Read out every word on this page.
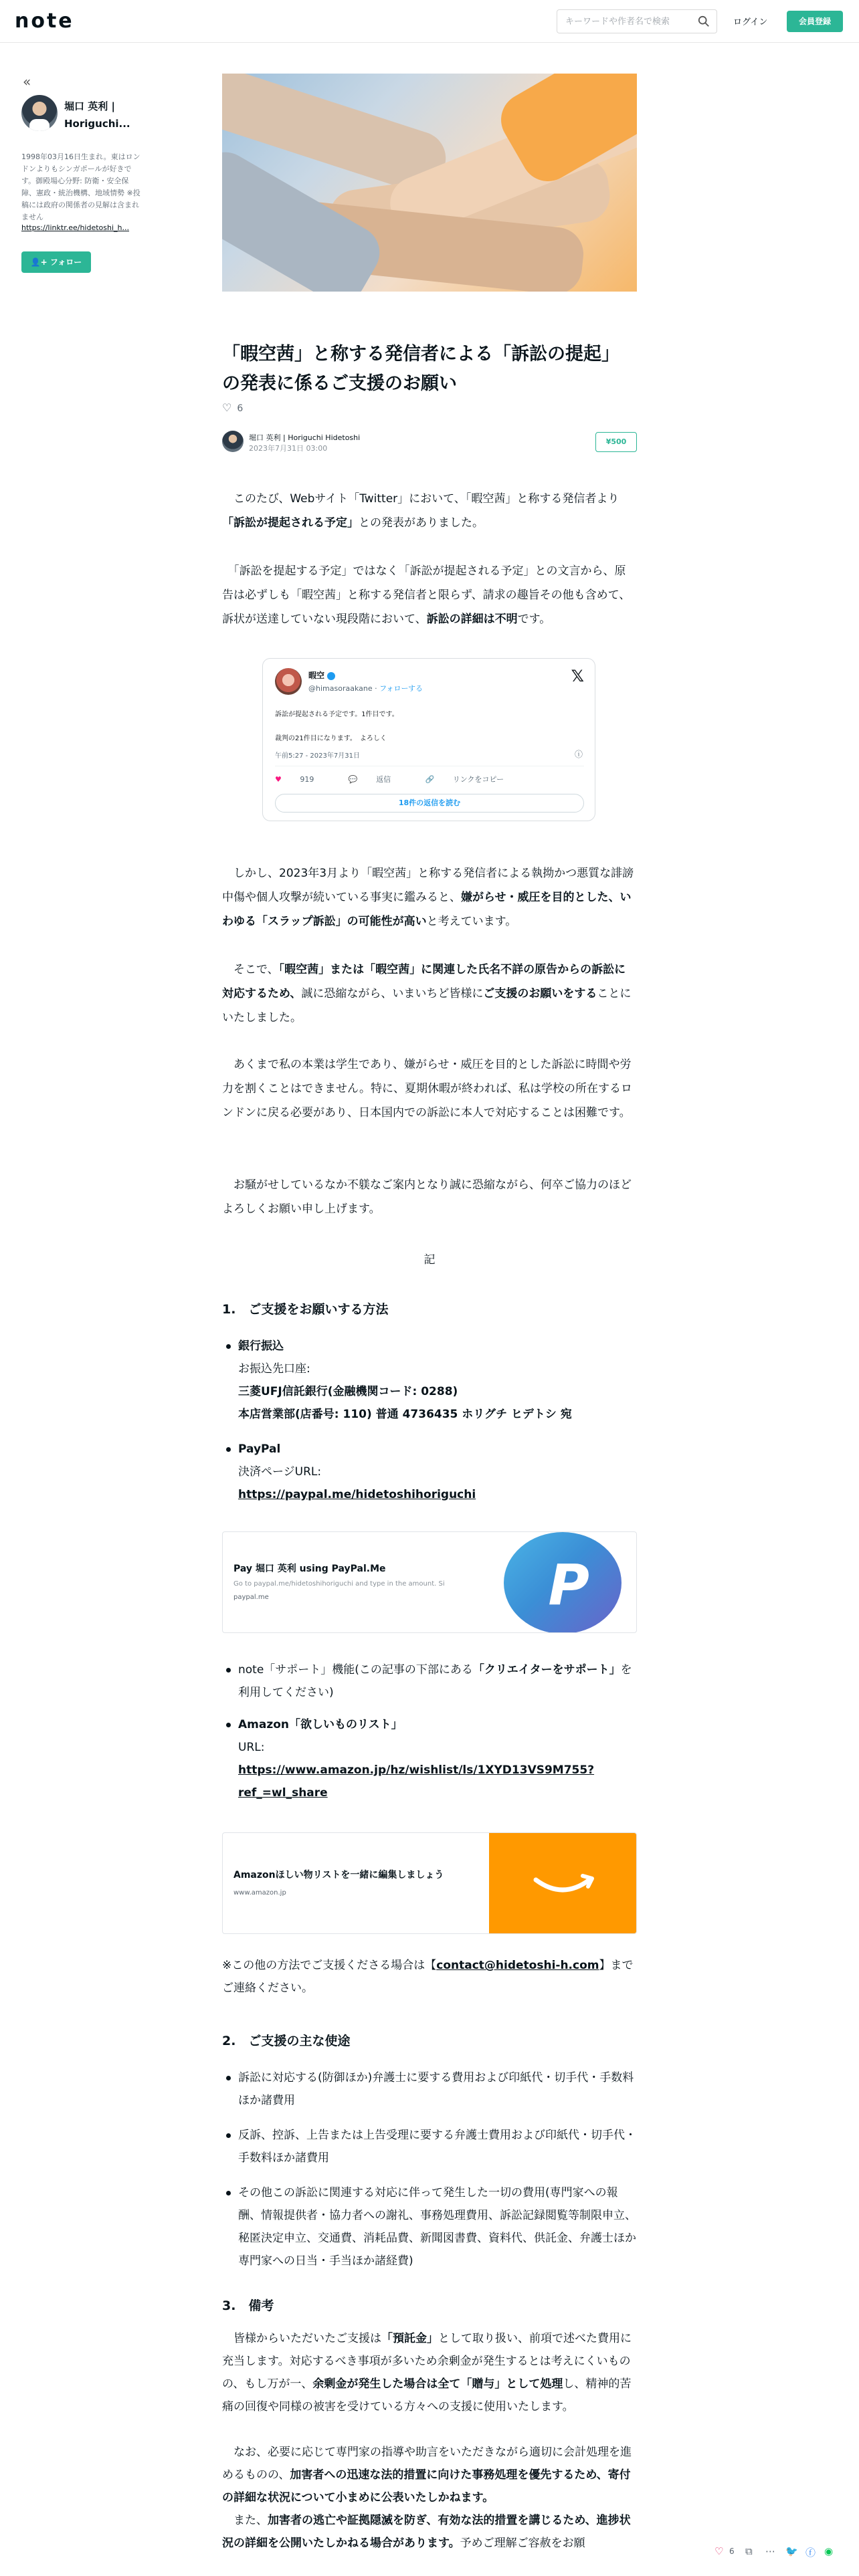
note
キーワードや作者名で検索	ログイン	会員登録
«
堀口 英利 | Horiguchi...
1998年03月16日生まれ。東はロンドンよりもシンガポールが好きです。御殿場心分野: 防衛・安全保障、憲政・統治機構、地域情勢 ※投稿には政府の関係者の見解は含まれません
https://linktr.ee/hidetoshi_h...
👤+ フォロー
「暇空茜」と称する発信者による「訴訟の提起」の発表に係るご支援のお願い
♡ 6
堀口 英利 | Horiguchi Hidetoshi
2023年7月31日 03:00
¥500
　このたび、Webサイト「Twitter」において、「暇空茜」と称する発信者より「訴訟が提起される予定」との発表がありました。
　「訴訟を提起する予定」ではなく「訴訟が提起される予定」との文言から、原告は必ずしも「暇空茜」と称する発信者と限らず、請求の趣旨その他も含めて、訴状が送達していない現段階において、訴訟の詳細は不明です。
暇空
@himasoraakane · フォローする
𝕏
訴訟が提起される予定です。1件目です。
裁判の21件目になります。　よろしく
午前5:27 - 2023年7月31日	ⓘ
♥	919	💬	返信	🔗	リンクをコピー
18件の返信を読む
　しかし、2023年3月より「暇空茜」と称する発信者による執拗かつ悪質な誹謗中傷や個人攻撃が続いている事実に鑑みると、嫌がらせ・威圧を目的とした、いわゆる「スラップ訴訟」の可能性が高いと考えています。
　そこで、「暇空茜」または「暇空茜」に関連した氏名不詳の原告からの訴訟に対応するため、誠に恐縮ながら、いまいちど皆様にご支援のお願いをすることにいたしました。
　あくまで私の本業は学生であり、嫌がらせ・威圧を目的とした訴訟に時間や労力を割くことはできません。特に、夏期休暇が終われば、私は学校の所在するロンドンに戻る必要があり、日本国内での訴訟に本人で対応することは困難です。
　お騒がせしているなか不躾なご案内となり誠に恐縮ながら、何卒ご協力のほどよろしくお願い申し上げます。
記
1.　ご支援をお願いする方法
銀行振込
お振込先口座:
三菱UFJ信託銀行(金融機関コード: 0288)
本店営業部(店番号: 110) 普通 4736435 ホリグチ ヒデトシ 宛
PayPal
決済ページURL:
https://paypal.me/hidetoshihoriguchi
Pay 堀口 英利 using PayPal.Me
Go to paypal.me/hidetoshihoriguchi and type in the amount. Si
paypal.me	P
note「サポート」機能(この記事の下部にある「クリエイターをサポート」を利用してください)
Amazon「欲しいものリスト」
URL:
https://www.amazon.jp/hz/wishlist/ls/1XYD13VS9M755?
ref_=wl_share
Amazonほしい物リストを一緒に編集しましょう
www.amazon.jp
※この他の方法でご支援くださる場合は【contact@hidetoshi-h.com】までご連絡ください。
2.　ご支援の主な使途
訴訟に対応する(防御ほか)弁護士に要する費用および印紙代・切手代・手数料ほか諸費用
反訴、控訴、上告または上告受理に要する弁護士費用および印紙代・切手代・手数料ほか諸費用
その他この訴訟に関連する対応に伴って発生した一切の費用(専門家への報酬、情報提供者・協力者への謝礼、事務処理費用、訴訟記録閲覧等制限申立、秘匿決定申立、交通費、消耗品費、新聞図書費、資料代、供託金、弁護士ほか専門家への日当・手当ほか諸経費)
3.　備考
　皆様からいただいたご支援は「預託金」として取り扱い、前項で述べた費用に充当します。対応するべき事項が多いため余剰金が発生するとは考えにくいものの、もし万が一、余剰金が発生した場合は全て「贈与」として処理し、精神的苦痛の回復や同様の被害を受けている方々への支援に使用いたします。
　なお、必要に応じて専門家の指導や助言をいただきながら適切に会計処理を進めるものの、加害者への迅速な法的措置に向けた事務処理を優先するため、寄付の詳細な状況について小まめに公表いたしかねます。
　また、加害者の逃亡や証拠隠滅を防ぎ、有効な法的措置を講じるため、進捗状況の詳細を公開いたしかねる場合があります。予めご理解ご容赦をお願
♡ 6 ⧉ ⋯ 🐦 ⓕ ◉
